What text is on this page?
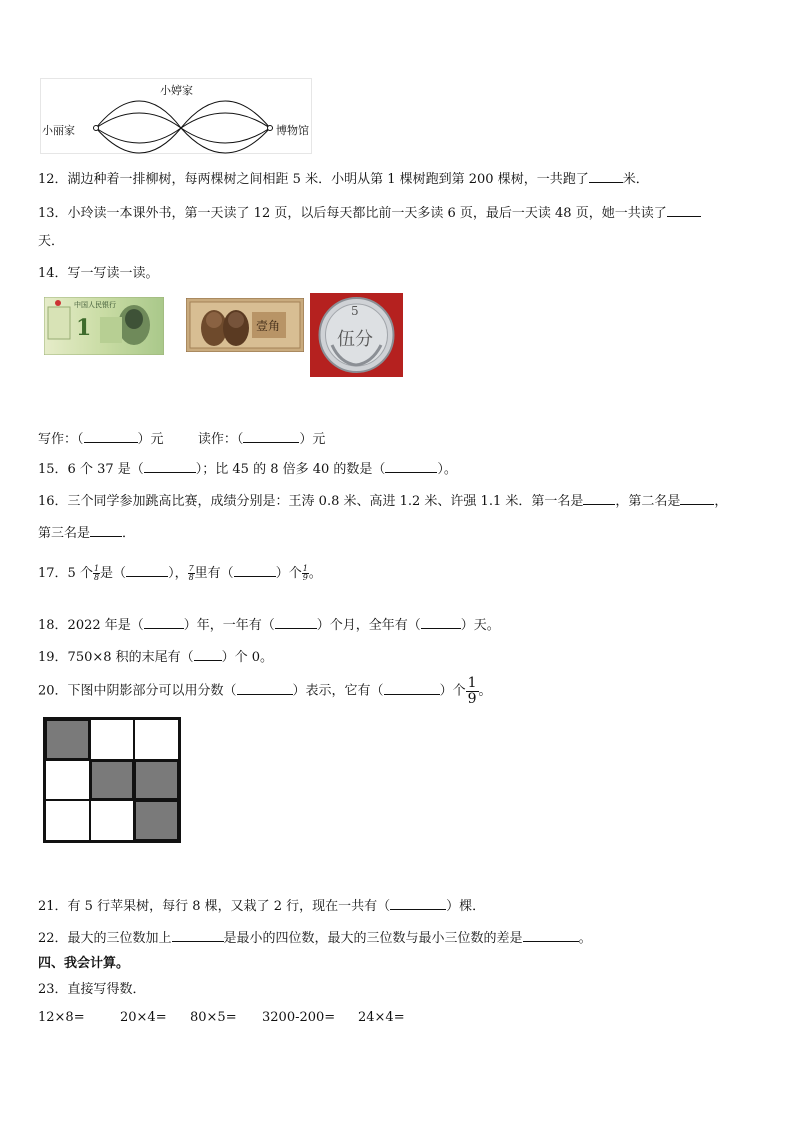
小婷家
小丽家	博物馆
12．湖边种着一排柳树，每两棵树之间相距 5 米．小明从第 1 棵树跑到第 200 棵树，一共跑了	米．
13．小玲读一本课外书，第一天读了 12 页，以后每天都比前一天多读 6 页，最后一天读 48 页，她一共读了
天．
14．写一写读一读。
中国人民银行
1	壹角
5
伍分
写作：（	）元	读作：（	）元
15．6 个 37 是（	）；比 45 的 8 倍多 40 的数是（	）。
16．三个同学参加跳高比赛，成绩分别是：王涛 0.8 米、高进 1.2 米、许强 1.1 米．第一名是 ，第二名是	，
第三名是 ．
17．5 个 $\frac{1}{8}$ 是（	）， $\frac{7}{8}$ 里有（	）个 $\frac{1}{9}$ 。
18．2022 年是（	）年，一年有（	）个月，全年有（	）天。
19．750×8 积的末尾有（ ）个 0。
20．下图中阴影部分可以用分数（	）表示，它有（	）个 $\frac{1}{9}$ 。
21．有 5 行苹果树，每行 8 棵，又栽了 2 行，现在一共有（	）棵．
22．最大的三位数加上	是最小的四位数，最大的三位数与最小三位数的差是	。
四、我会计算。
23．直接写得数．
12×8=	20×4= 80×5= 3200-200= 24×4=
